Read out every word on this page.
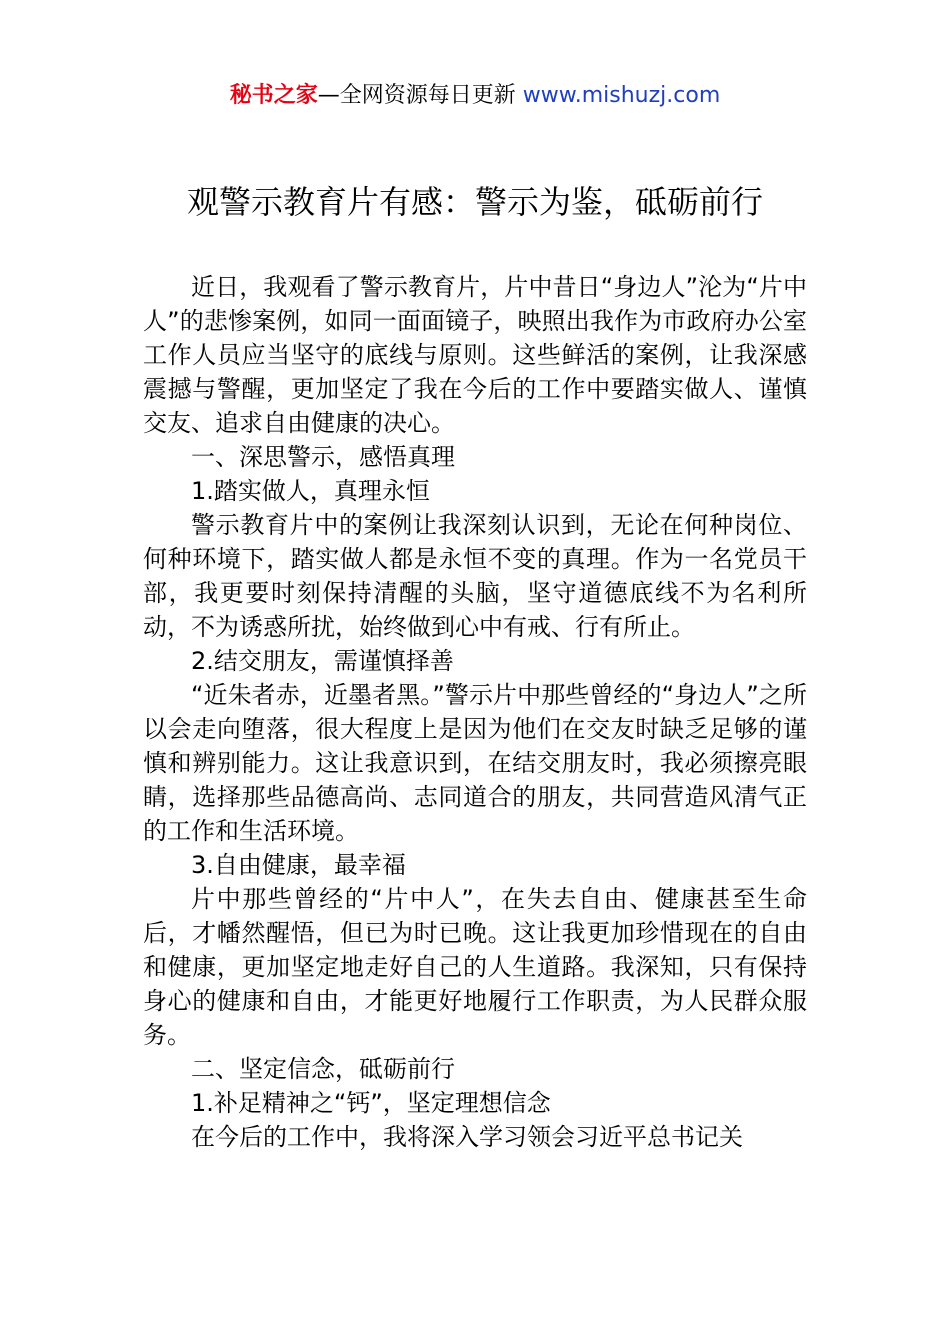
秘书之家—全网资源每日更新 www.mishuzj.com
观警示教育片有感：警示为鉴，砥砺前行

近日，我观看了警示教育片，片中昔日“身边人”沦为“片中人”的悲惨案例，如同一面面镜子，映照出我作为市政府办公室工作人员应当坚守的底线与原则。这些鲜活的案例，让我深感震撼与警醒，更加坚定了我在今后的工作中要踏实做人、谨慎交友、追求自由健康的决心。

一、深思警示，感悟真理

1.踏实做人，真理永恒

警示教育片中的案例让我深刻认识到，无论在何种岗位、何种环境下，踏实做人都是永恒不变的真理。作为一名党员干部，我更要时刻保持清醒的头脑，坚守道德底线不为名利所动，不为诱惑所扰，始终做到心中有戒、行有所止。

2.结交朋友，需谨慎择善

“近朱者赤，近墨者黑。”警示片中那些曾经的“身边人”之所以会走向堕落，很大程度上是因为他们在交友时缺乏足够的谨慎和辨别能力。这让我意识到，在结交朋友时，我必须擦亮眼睛，选择那些品德高尚、志同道合的朋友，共同营造风清气正的工作和生活环境。

3.自由健康，最幸福

片中那些曾经的“片中人”，在失去自由、健康甚至生命后，才幡然醒悟，但已为时已晚。这让我更加珍惜现在的自由和健康，更加坚定地走好自己的人生道路。我深知，只有保持身心的健康和自由，才能更好地履行工作职责，为人民群众服务。

二、坚定信念，砥砺前行

1.补足精神之“钙”，坚定理想信念

在今后的工作中，我将深入学习领会习近平总书记关
